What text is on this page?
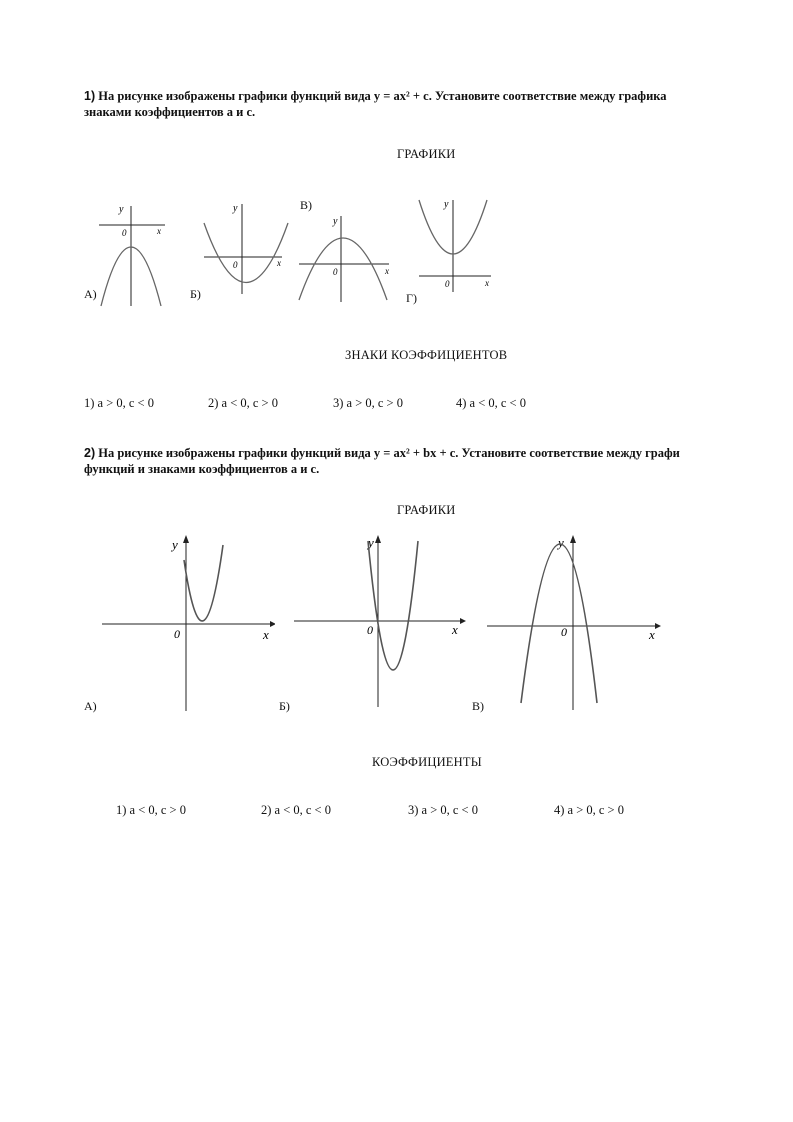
1) На рисунке изображены графики функций вида y = ax² + c. Установите соответствие между графика
знаками коэффициентов a и c.
ГРАФИКИ
y
x
0
А)
y
x
0
Б)
В)
y
x
0
y
x
0
Г)
ЗНАКИ КОЭФФИЦИЕНТОВ
1) a > 0, c < 0	2) a < 0, c > 0	3) a > 0, c > 0	4) a < 0, c < 0
2) На рисунке изображены графики функций вида y = ax² + bx + c. Установите соответствие между графи
функций и знаками коэффициентов a и c.
ГРАФИКИ
y
x
0
А)
y
x
0
Б)
y
x
0
В)
КОЭФФИЦИЕНТЫ
1) a < 0, c > 0	2) a < 0, c < 0	3) a > 0, c < 0	4) a > 0, c > 0
